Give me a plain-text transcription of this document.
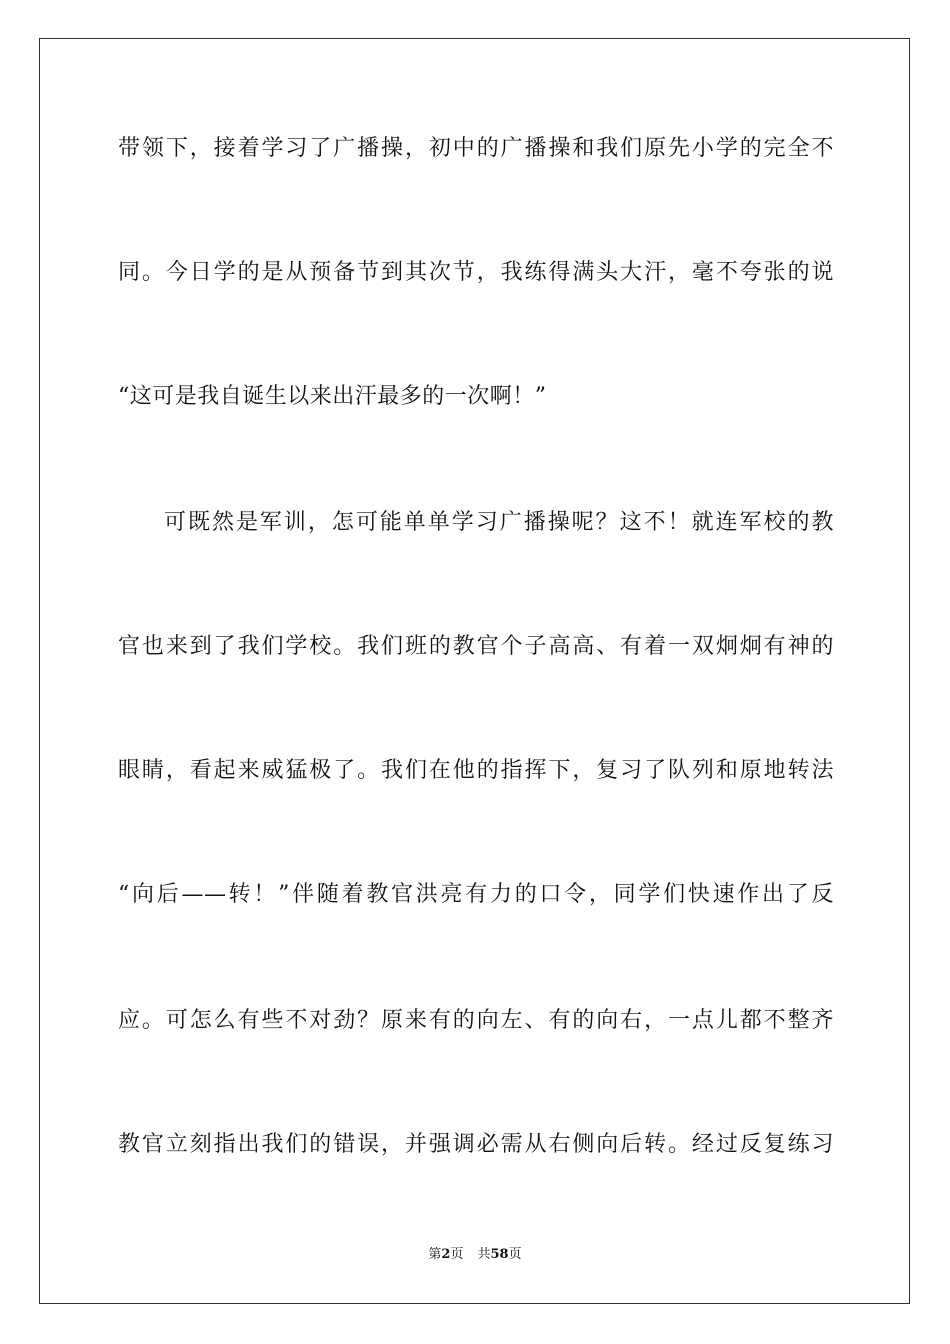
带领下，接着学习了广播操，初中的广播操和我们原先小学的完全不
同。今日学的是从预备节到其次节，我练得满头大汗，毫不夸张的说
“这可是我自诞生以来出汗最多的一次啊！”
可既然是军训，怎可能单单学习广播操呢？这不！就连军校的教
官也来到了我们学校。我们班的教官个子高高、有着一双炯炯有神的
眼睛，看起来威猛极了。我们在他的指挥下，复习了队列和原地转法
“向后——转！”伴随着教官洪亮有力的口令，同学们快速作出了反
应。可怎么有些不对劲？原来有的向左、有的向右，一点儿都不整齐
教官立刻指出我们的错误，并强调必需从右侧向后转。经过反复练习
第2页 共58页
